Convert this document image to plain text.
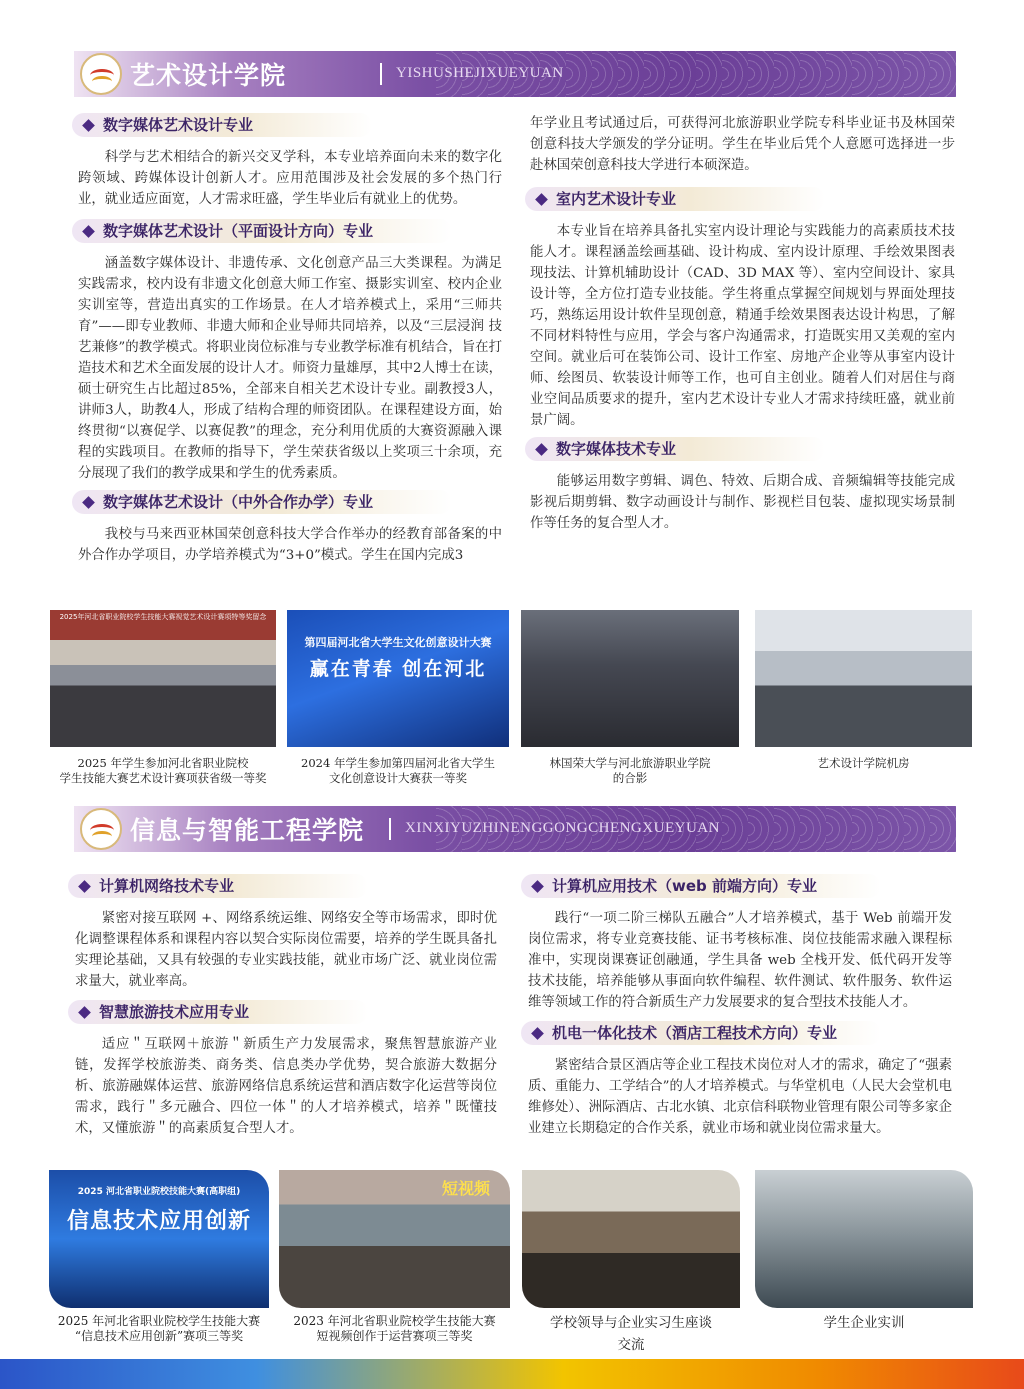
艺术设计学院	YISHUSHEJIXUEYUAN
数字媒体艺术设计专业

科学与艺术相结合的新兴交叉学科，本专业培养面向未来的数字化跨领域、跨媒体设计创新人才。应用范围涉及社会发展的多个热门行业，就业适应面宽，人才需求旺盛，学生毕业后有就业上的优势。

数字媒体艺术设计（平面设计方向）专业

涵盖数字媒体设计、非遗传承、文化创意产品三大类课程。为满足实践需求，校内设有非遗文化创意大师工作室、摄影实训室、校内企业实训室等，营造出真实的工作场景。在人才培养模式上，采用“三师共育”——即专业教师、非遗大师和企业导师共同培养，以及“三层浸润 技艺兼修”的教学模式。将职业岗位标准与专业教学标准有机结合，旨在打造技术和艺术全面发展的设计人才。师资力量雄厚，其中2人博士在读，硕士研究生占比超过85%，全部来自相关艺术设计专业。副教授3人，讲师3人，助教4人，形成了结构合理的师资团队。在课程建设方面，始终贯彻“以赛促学、以赛促教”的理念，充分利用优质的大赛资源融入课程的实践项目。在教师的指导下，学生荣获省级以上奖项三十余项，充分展现了我们的教学成果和学生的优秀素质。

数字媒体艺术设计（中外合作办学）专业

我校与马来西亚林国荣创意科技大学合作举办的经教育部备案的中外合作办学项目，办学培养模式为“3+0”模式。学生在国内完成3

年学业且考试通过后，可获得河北旅游职业学院专科毕业证书及林国荣创意科技大学颁发的学分证明。学生在毕业后凭个人意愿可选择进一步赴林国荣创意科技大学进行本硕深造。

室内艺术设计专业

本专业旨在培养具备扎实室内设计理论与实践能力的高素质技术技能人才。课程涵盖绘画基础、设计构成、室内设计原理、手绘效果图表现技法、计算机辅助设计（CAD、3D MAX 等）、室内空间设计、家具设计等，全方位打造专业技能。学生将重点掌握空间规划与界面处理技巧，熟练运用设计软件呈现创意，精通手绘效果图表达设计构思，了解不同材料特性与应用，学会与客户沟通需求，打造既实用又美观的室内空间。就业后可在装饰公司、设计工作室、房地产企业等从事室内设计师、绘图员、软装设计师等工作，也可自主创业。随着人们对居住与商业空间品质要求的提升，室内艺术设计专业人才需求持续旺盛，就业前景广阔。

数字媒体技术专业

能够运用数字剪辑、调色、特效、后期合成、音频编辑等技能完成影视后期剪辑、数字动画设计与制作、影视栏目包装、虚拟现实场景制作等任务的复合型人才。

2025年河北省职业院校学生技能大赛视觉艺术设计赛项特等奖留念
2025 年学生参加河北省职业院校
学生技能大赛艺术设计赛项获省级一等奖
第四届河北省大学生文化创意设计大赛
赢在青春 创在河北
2024 年学生参加第四届河北省大学生
文化创意设计大赛获一等奖
林国荣大学与河北旅游职业学院
的合影
艺术设计学院机房
信息与智能工程学院	XINXIYUZHINENGGONGCHENGXUEYUAN
计算机网络技术专业

紧密对接互联网 +、网络系统运维、网络安全等市场需求，即时优化调整课程体系和课程内容以契合实际岗位需要，培养的学生既具备扎实理论基础，又具有较强的专业实践技能，就业市场广泛、就业岗位需求量大，就业率高。

智慧旅游技术应用专业

适应＂互联网＋旅游＂新质生产力发展需求，聚焦智慧旅游产业链，发挥学校旅游类、商务类、信息类办学优势，契合旅游大数据分析、旅游融媒体运营、旅游网络信息系统运营和酒店数字化运营等岗位需求，践行＂多元融合、四位一体＂的人才培养模式，培养＂既懂技术，又懂旅游＂的高素质复合型人才。

计算机应用技术（web 前端方向）专业

践行“一项二阶三梯队五融合”人才培养模式，基于 Web 前端开发岗位需求，将专业竞赛技能、证书考核标准、岗位技能需求融入课程标准中，实现岗课赛证创融通，学生具备 web 全栈开发、低代码开发等技术技能，培养能够从事面向软件编程、软件测试、软件服务、软件运维等领域工作的符合新质生产力发展要求的复合型技术技能人才。

机电一体化技术（酒店工程技术方向）专业

紧密结合景区酒店等企业工程技术岗位对人才的需求，确定了“强素质、重能力、工学结合”的人才培养模式。与华堂机电（人民大会堂机电维修处）、洲际酒店、古北水镇、北京信科联物业管理有限公司等多家企业建立长期稳定的合作关系，就业市场和就业岗位需求量大。

2025 河北省职业院校技能大赛(高职组)
信息技术应用创新
2025 年河北省职业院校学生技能大赛
“信息技术应用创新”赛项三等奖
短视频
2023 年河北省职业院校学生技能大赛
短视频创作于运营赛项三等奖
学校领导与企业实习生座谈
交流
学生企业实训
